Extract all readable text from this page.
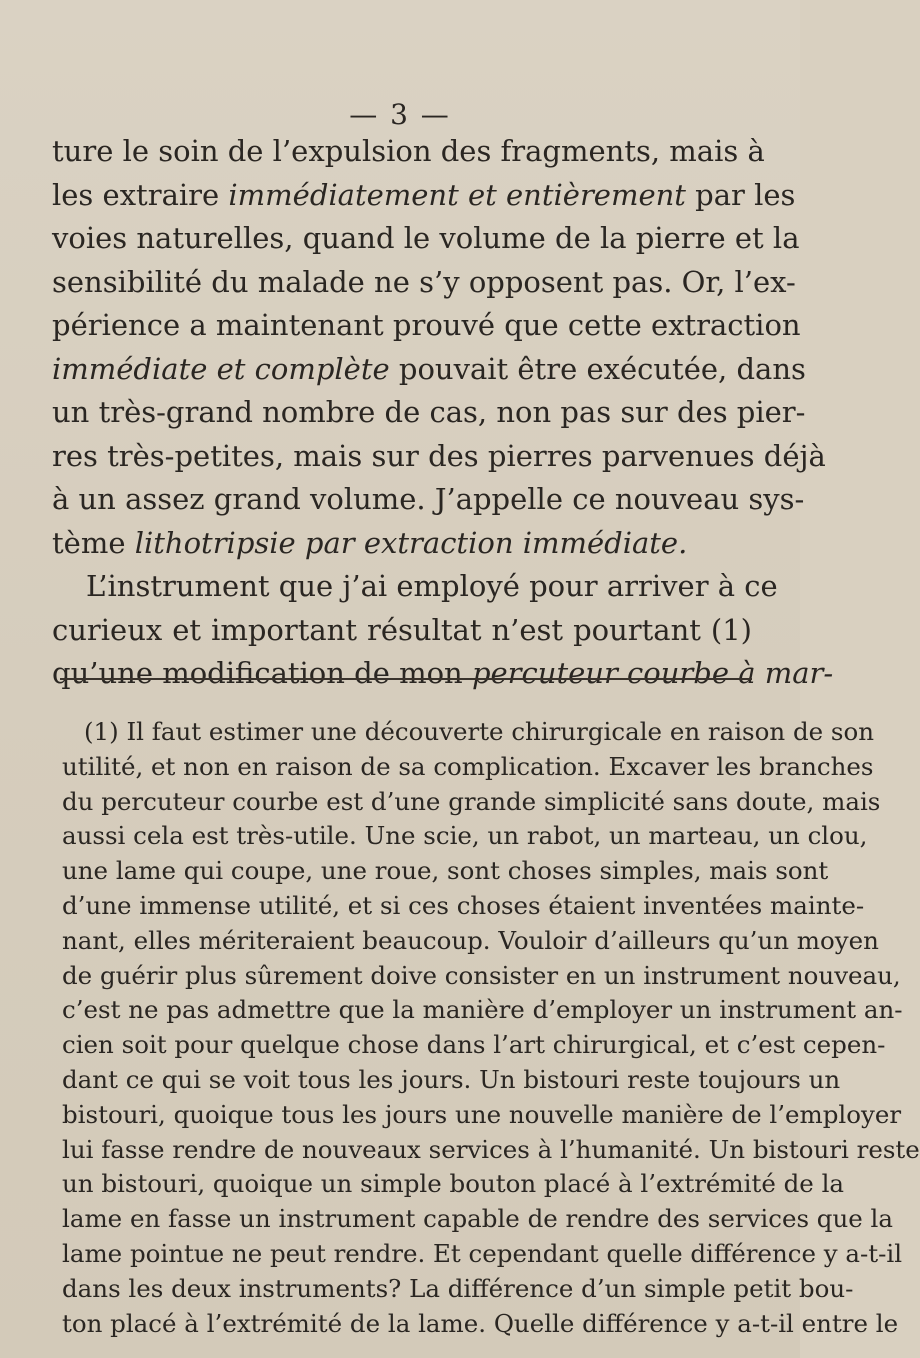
— 3 —
ture le soin de l’expulsion des fragments, mais à
les extraire immédiatement et entièrement par les
voies naturelles, quand le volume de la pierre et la
sensibilité du malade ne s’y opposent pas. Or, l’ex-
périence a maintenant prouvé que cette extraction
immédiate et complète pouvait être exécutée, dans
un très-grand nombre de cas, non pas sur des pier-
res très-petites, mais sur des pierres parvenues déjà
à un assez grand volume. J’appelle ce nouveau sys-
tème lithotripsie par extraction immédiate.
L’instrument que j’ai employé pour arriver à ce
curieux et important résultat n’est pourtant (1)
qu’une modification de mon percuteur courbe à mar-
(1) Il faut estimer une découverte chirurgicale en raison de son
utilité, et non en raison de sa complication. Excaver les branches
du percuteur courbe est d’une grande simplicité sans doute, mais
aussi cela est très-utile. Une scie, un rabot, un marteau, un clou,
une lame qui coupe, une roue, sont choses simples, mais sont
d’une immense utilité, et si ces choses étaient inventées mainte-
nant, elles mériteraient beaucoup. Vouloir d’ailleurs qu’un moyen
de guérir plus sûrement doive consister en un instrument nouveau,
c’est ne pas admettre que la manière d’employer un instrument an-
cien soit pour quelque chose dans l’art chirurgical, et c’est cepen-
dant ce qui se voit tous les jours. Un bistouri reste toujours un
bistouri, quoique tous les jours une nouvelle manière de l’employer
lui fasse rendre de nouveaux services à l’humanité. Un bistouri reste
un bistouri, quoique un simple bouton placé à l’extrémité de la
lame en fasse un instrument capable de rendre des services que la
lame pointue ne peut rendre. Et cependant quelle différence y a-t-il
dans les deux instruments? La différence d’un simple petit bou-
ton placé à l’extrémité de la lame. Quelle différence y a-t-il entre le
